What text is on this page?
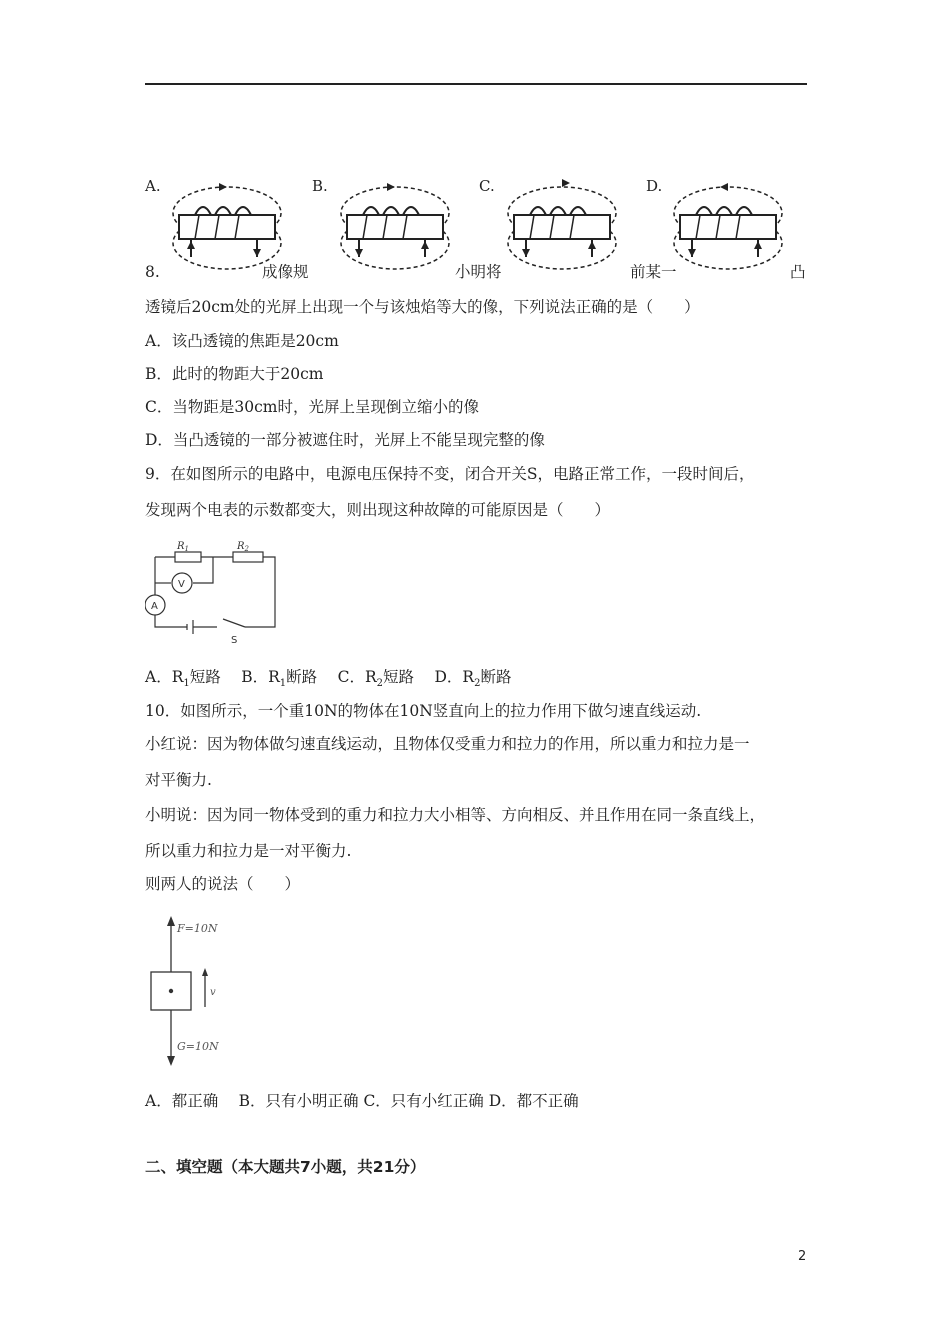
A.	B.	C.	D.
8.	成像规	小明将	前某一	凸
透镜后20cm处的光屏上出现一个与该烛焰等大的像，下列说法正确的是（　　）
A．该凸透镜的焦距是20cm
B．此时的物距大于20cm
C．当物距是30cm时，光屏上呈现倒立缩小的像
D．当凸透镜的一部分被遮住时，光屏上不能呈现完整的像
9．在如图所示的电路中，电源电压保持不变，闭合开关S，电路正常工作，一段时间后，
发现两个电表的示数都变大，则出现这种故障的可能原因是（　　）
$R_1$	$R_2$
V
A
S
A．$R_1$短路　 B．$R_1$断路　 C．$R_2$短路　 D．$R_2$断路
10．如图所示，一个重10N的物体在10N竖直向上的拉力作用下做匀速直线运动.
小红说：因为物体做匀速直线运动，且物体仅受重力和拉力的作用，所以重力和拉力是一
对平衡力.
小明说：因为同一物体受到的重力和拉力大小相等、方向相反、并且作用在同一条直线上，
所以重力和拉力是一对平衡力.
则两人的说法（　　）
F=10N
G=10N
v
A．都正确　 B．只有小明正确 C．只有小红正确 D．都不正确
二、填空题（本大题共7小题，共21分）
2
